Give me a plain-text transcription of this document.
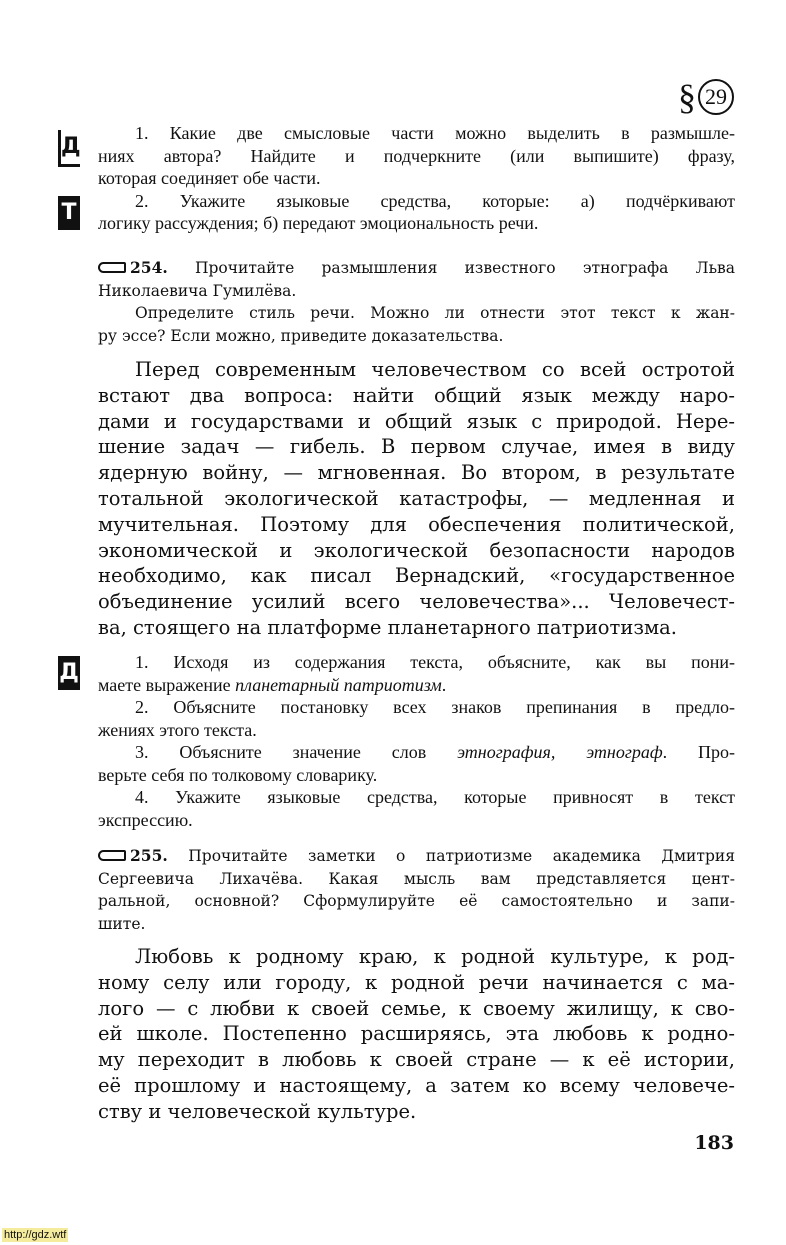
§ 29
Д
Т
Д
1. Какие две смысловые части можно выделить в размышле-
ниях автора? Найдите и подчеркните (или выпишите) фразу,
которая соединяет обе части.
2. Укажите языковые средства, которые: а) подчёркивают
логику рассуждения; б) передают эмоциональность речи.
254. Прочитайте размышления известного этнографа Льва
Николаевича Гумилёва.
Определите стиль речи. Можно ли отнести этот текст к жан-
ру эссе? Если можно, приведите доказательства.
Перед современным человечеством со всей остротой
встают два вопроса: найти общий язык между наро-
дами и государствами и общий язык с природой. Нере-
шение задач — гибель. В первом случае, имея в виду
ядерную войну, — мгновенная. Во втором, в результате
тотальной экологической катастрофы, — медленная и
мучительная. Поэтому для обеспечения политической,
экономической и экологической безопасности народов
необходимо, как писал Вернадский, «государственное
объединение усилий всего человечества»... Человечест-
ва, стоящего на платформе планетарного патриотизма.
1. Исходя из содержания текста, объясните, как вы пони-
маете выражение планетарный патриотизм.
2. Объясните постановку всех знаков препинания в предло-
жениях этого текста.
3. Объясните значение слов этнография, этнограф. Про-
верьте себя по толковому словарику.
4. Укажите языковые средства, которые привносят в текст
экспрессию.
255. Прочитайте заметки о патриотизме академика Дмитрия
Сергеевича Лихачёва. Какая мысль вам представляется цент-
ральной, основной? Сформулируйте её самостоятельно и запи-
шите.
Любовь к родному краю, к родной культуре, к род-
ному селу или городу, к родной речи начинается с ма-
лого — с любви к своей семье, к своему жилищу, к сво-
ей школе. Постепенно расширяясь, эта любовь к родно-
му переходит в любовь к своей стране — к её истории,
её прошлому и настоящему, а затем ко всему человече-
ству и человеческой культуре.
183
http://gdz.wtf
